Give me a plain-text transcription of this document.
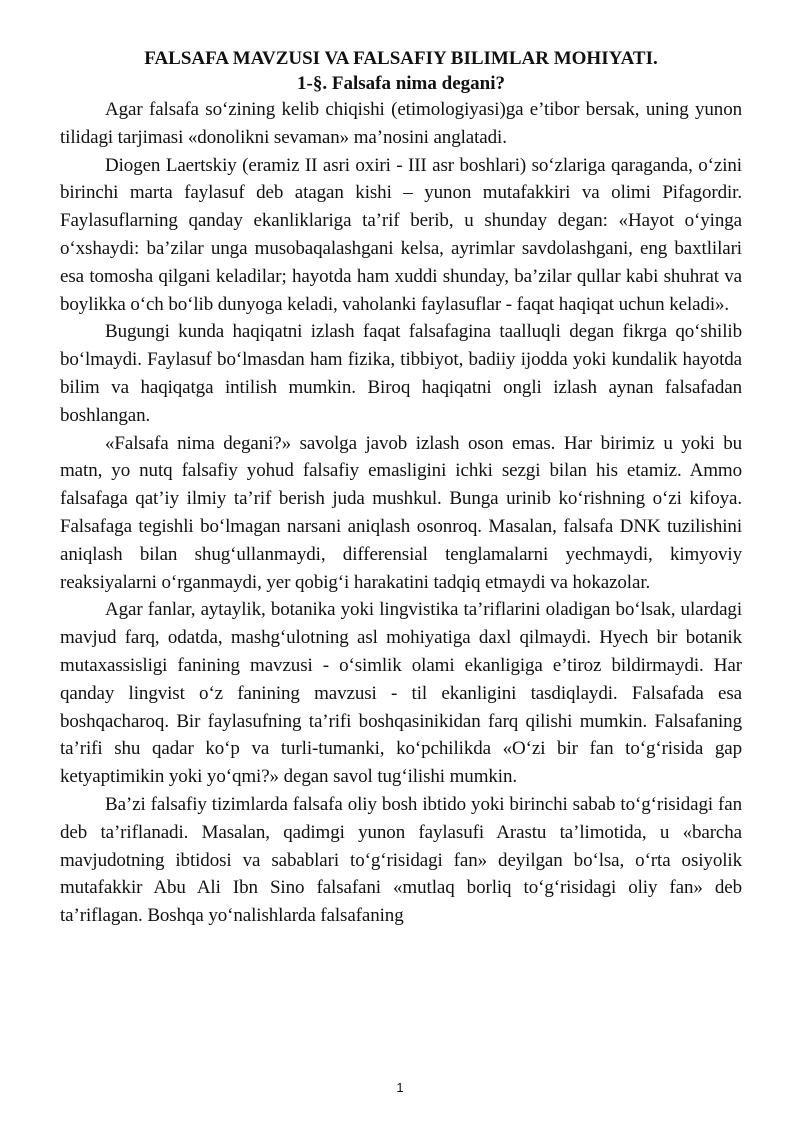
FALSAFA MAVZUSI VA FALSAFIY BILIMLAR MOHIYATI.
1-§. Falsafa nima degani?

Agar falsafa so‘zining kelib chiqishi (etimologiyasi)ga e’tibor bersak, uning yunon tilidagi tarjimasi «donolikni sevaman» ma’nosini anglatadi.

Diogen Laertskiy (eramiz II asri oxiri - III asr boshlari) so‘zlariga qaraganda, o‘zini birinchi marta faylasuf deb atagan kishi – yunon mutafakkiri va olimi Pifagordir. Faylasuflarning qanday ekanliklariga ta’rif berib, u shunday degan: «Hayot o‘yinga o‘xshaydi: ba’zilar unga musobaqalashgani kelsa, ayrimlar savdolashgani, eng baxtlilari esa tomosha qilgani keladilar; hayotda ham xuddi shunday, ba’zilar qullar kabi shuhrat va boylikka o‘ch bo‘lib dunyoga keladi, vaholanki faylasuflar - faqat haqiqat uchun keladi».

Bugungi kunda haqiqatni izlash faqat falsafagina taalluqli degan fikrga qo‘shilib bo‘lmaydi. Faylasuf bo‘lmasdan ham fizika, tibbiyot, badiiy ijodda yoki kundalik hayotda bilim va haqiqatga intilish mumkin. Biroq haqiqatni ongli izlash aynan falsafadan boshlangan.

«Falsafa nima degani?» savolga javob izlash oson emas. Har birimiz u yoki bu matn, yo nutq falsafiy yohud falsafiy emasligini ichki sezgi bilan his etamiz. Ammo falsafaga qat’iy ilmiy ta’rif berish juda mushkul. Bunga urinib ko‘rishning o‘zi kifoya. Falsafaga tegishli bo‘lmagan narsani aniqlash osonroq. Masalan, falsafa DNK tuzilishini aniqlash bilan shug‘ullanmaydi, differensial tenglamalarni yechmaydi, kimyoviy reaksiyalarni o‘rganmaydi, yer qobig‘i harakatini tadqiq etmaydi va hokazolar.

Agar fanlar, aytaylik, botanika yoki lingvistika ta’riflarini oladigan bo‘lsak, ulardagi mavjud farq, odatda, mashg‘ulotning asl mohiyatiga daxl qilmaydi. Hyech bir botanik mutaxassisligi fanining mavzusi - o‘simlik olami ekanligiga e’tiroz bildirmaydi. Har qanday lingvist o‘z fanining mavzusi - til ekanligini tasdiqlaydi. Falsafada esa boshqacharoq. Bir faylasufning ta’rifi boshqasinikidan farq qilishi mumkin. Falsafaning ta’rifi shu qadar ko‘p va turli-tumanki, ko‘pchilikda «O‘zi bir fan to‘g‘risida gap ketyaptimikin yoki yo‘qmi?» degan savol tug‘ilishi mumkin.

Ba’zi falsafiy tizimlarda falsafa oliy bosh ibtido yoki birinchi sabab to‘g‘risidagi fan deb ta’riflanadi. Masalan, qadimgi yunon faylasufi Arastu ta’limotida, u «barcha mavjudotning ibtidosi va sabablari to‘g‘risidagi fan» deyilgan bo‘lsa, o‘rta osiyolik mutafakkir Abu Ali Ibn Sino falsafani «mutlaq borliq to‘g‘risidagi oliy fan» deb ta’riflagan. Boshqa yo‘nalishlarda falsafaning

1
